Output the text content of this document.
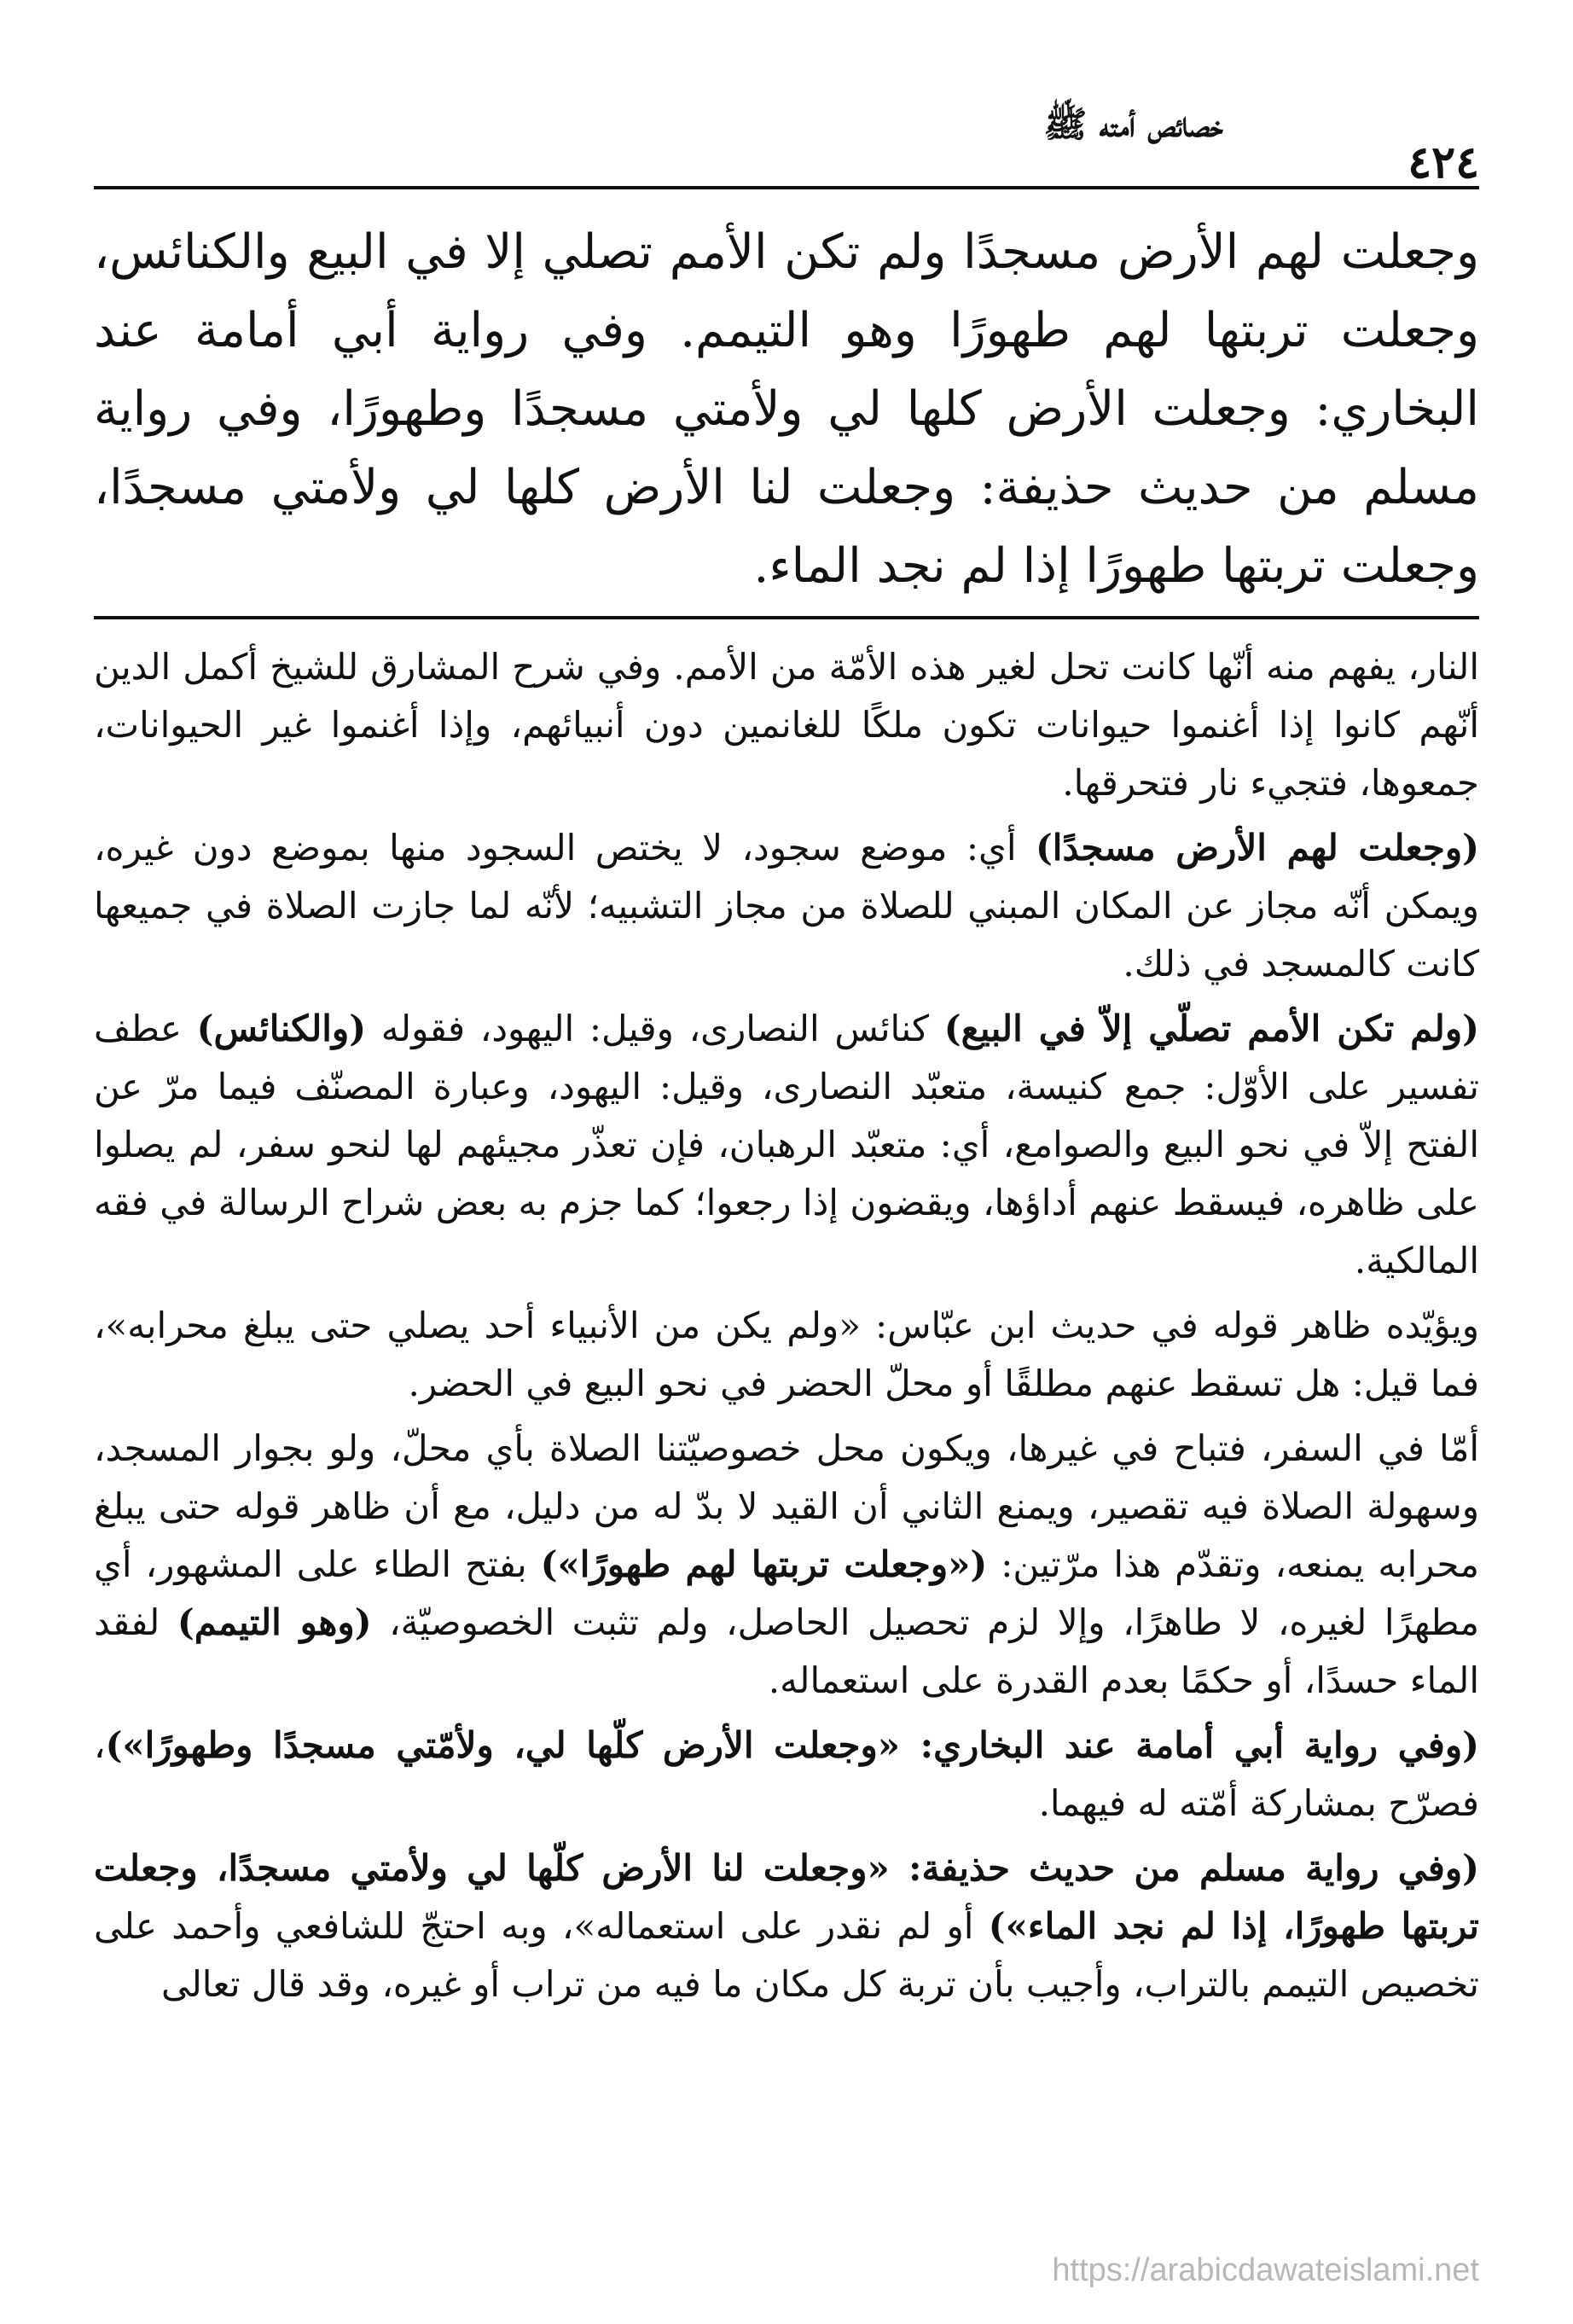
خصائص أمته ﷺ
٤٢٤

وجعلت لهم الأرض مسجدًا ولم تكن الأمم تصلي إلا في البيع والكنائس، وجعلت تربتها لهم طهورًا وهو التيمم. وفي رواية أبي أمامة عند البخاري: وجعلت الأرض كلها لي ولأمتي مسجدًا وطهورًا، وفي رواية مسلم من حديث حذيفة: وجعلت لنا الأرض كلها لي ولأمتي مسجدًا، وجعلت تربتها طهورًا إذا لم نجد الماء.

النار، يفهم منه أنّها كانت تحل لغير هذه الأمّة من الأمم. وفي شرح المشارق للشيخ أكمل الدين أنّهم كانوا إذا أغنموا حيوانات تكون ملكًا للغانمين دون أنبيائهم، وإذا أغنموا غير الحيوانات، جمعوها، فتجيء نار فتحرقها.

(وجعلت لهم الأرض مسجدًا) أي: موضع سجود، لا يختص السجود منها بموضع دون غيره، ويمكن أنّه مجاز عن المكان المبني للصلاة من مجاز التشبيه؛ لأنّه لما جازت الصلاة في جميعها كانت كالمسجد في ذلك.

(ولم تكن الأمم تصلّي إلاّ في البيع) كنائس النصارى، وقيل: اليهود، فقوله (والكنائس) عطف تفسير على الأوّل: جمع كنيسة، متعبّد النصارى، وقيل: اليهود، وعبارة المصنّف فيما مرّ عن الفتح إلاّ في نحو البيع والصوامع، أي: متعبّد الرهبان، فإن تعذّر مجيئهم لها لنحو سفر، لم يصلوا على ظاهره، فيسقط عنهم أداؤها، ويقضون إذا رجعوا؛ كما جزم به بعض شراح الرسالة في فقه المالكية.

ويؤيّده ظاهر قوله في حديث ابن عبّاس: «ولم يكن من الأنبياء أحد يصلي حتى يبلغ محرابه»، فما قيل: هل تسقط عنهم مطلقًا أو محلّ الحضر في نحو البيع في الحضر.

أمّا في السفر، فتباح في غيرها، ويكون محل خصوصيّتنا الصلاة بأي محلّ، ولو بجوار المسجد، وسهولة الصلاة فيه تقصير، ويمنع الثاني أن القيد لا بدّ له من دليل، مع أن ظاهر قوله حتى يبلغ محرابه يمنعه، وتقدّم هذا مرّتين: («وجعلت تربتها لهم طهورًا») بفتح الطاء على المشهور، أي مطهرًا لغيره، لا طاهرًا، وإلا لزم تحصيل الحاصل، ولم تثبت الخصوصيّة، (وهو التيمم) لفقد الماء حسدًا، أو حكمًا بعدم القدرة على استعماله.

(وفي رواية أبي أمامة عند البخاري: «وجعلت الأرض كلّها لي، ولأمّتي مسجدًا وطهورًا»)، فصرّح بمشاركة أمّته له فيهما.

(وفي رواية مسلم من حديث حذيفة: «وجعلت لنا الأرض كلّها لي ولأمتي مسجدًا، وجعلت تربتها طهورًا، إذا لم نجد الماء») أو لم نقدر على استعماله»، وبه احتجّ للشافعي وأحمد على تخصيص التيمم بالتراب، وأجيب بأن تربة كل مكان ما فيه من تراب أو غيره، وقد قال تعالى

https://arabicdawateislami.net
